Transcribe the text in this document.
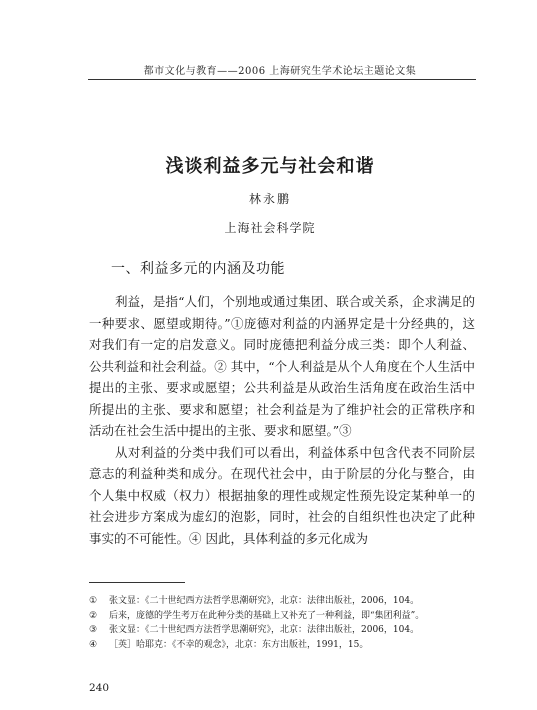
都市文化与教育——2006 上海研究生学术论坛主题论文集
浅谈利益多元与社会和谐
林永鹏
上海社会科学院
一、利益多元的内涵及功能

利益，是指“人们，个别地或通过集团、联合或关系，企求满足的一种要求、愿望或期待。”①庞德对利益的内涵界定是十分经典的，这对我们有一定的启发意义。同时庞德把利益分成三类：即个人利益、公共利益和社会利益。② 其中，“个人利益是从个人角度在个人生活中提出的主张、要求或愿望；公共利益是从政治生活角度在政治生活中所提出的主张、要求和愿望；社会利益是为了维护社会的正常秩序和活动在社会生活中提出的主张、要求和愿望。”③

从对利益的分类中我们可以看出，利益体系中包含代表不同阶层意志的利益种类和成分。在现代社会中，由于阶层的分化与整合，由个人集中权威（权力）根据抽象的理性或规定性预先设定某种单一的社会进步方案成为虚幻的泡影，同时，社会的自组织性也决定了此种事实的不可能性。④ 因此，具体利益的多元化成为

① 张文显：《二十世纪西方法哲学思潮研究》，北京：法律出版社，2006，104。

② 后来，庞德的学生考万在此种分类的基础上又补充了一种利益，即“集团利益”。

③ 张文显：《二十世纪西方法哲学思潮研究》，北京：法律出版社，2006，104。

④ ［英］哈耶克：《不幸的观念》，北京：东方出版社，1991，15。

240
